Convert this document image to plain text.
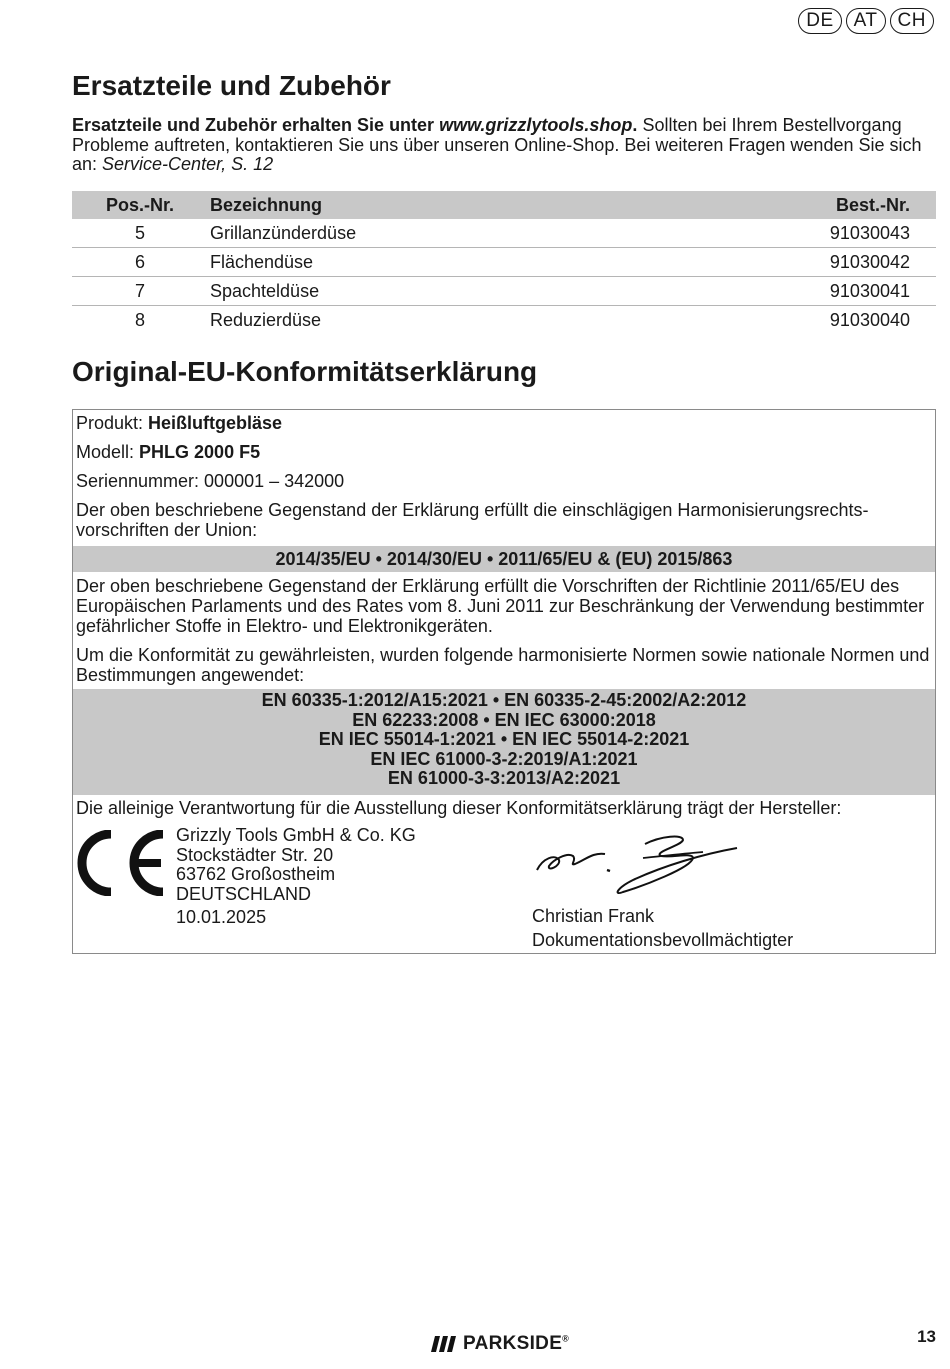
DE	AT	CH
Ersatzteile und Zubehör
Ersatzteile und Zubehör erhalten Sie unter www.grizzlytools.shop. Sollten bei Ihrem Bestellvorgang Probleme auftreten, kontaktieren Sie uns über unseren Online-Shop. Bei weiteren Fragen wenden Sie sich an: Service-Center, S. 12
Pos.-Nr.	Bezeichnung	Best.-Nr.
5	Grillanzünderdüse	91030043
6	Flächendüse	91030042
7	Spachteldüse	91030041
8	Reduzierdüse	91030040
Original-EU-Konformitätserklärung
Produkt: Heißluftgebläse
Modell: PHLG 2000 F5
Seriennummer: 000001 – 342000
Der oben beschriebene Gegenstand der Erklärung erfüllt die einschlägigen Harmonisierungsrechts-vorschriften der Union:
2014/35/EU • 2014/30/EU • 2011/65/EU & (EU) 2015/863
Der oben beschriebene Gegenstand der Erklärung erfüllt die Vorschriften der Richtlinie 2011/65/EU des Europäischen Parlaments und des Rates vom 8. Juni 2011 zur Beschränkung der Verwendung bestimmter gefährlicher Stoffe in Elektro- und Elektronikgeräten.
Um die Konformität zu gewährleisten, wurden folgende harmonisierte Normen sowie nationale Normen und Bestimmungen angewendet:
EN 60335-1:2012/A15:2021 • EN 60335-2-45:2002/A2:2012
EN 62233:2008 • EN IEC 63000:2018
EN IEC 55014-1:2021 • EN IEC 55014-2:2021
EN IEC 61000-3-2:2019/A1:2021
EN 61000-3-3:2013/A2:2021
Die alleinige Verantwortung für die Ausstellung dieser Konformitätserklärung trägt der Hersteller:
Grizzly Tools GmbH & Co. KG
Stockstädter Str. 20
63762 Großostheim
DEUTSCHLAND
10.01.2025	Christian Frank
Dokumentationsbevollmächtigter
PARKSIDE®	13
